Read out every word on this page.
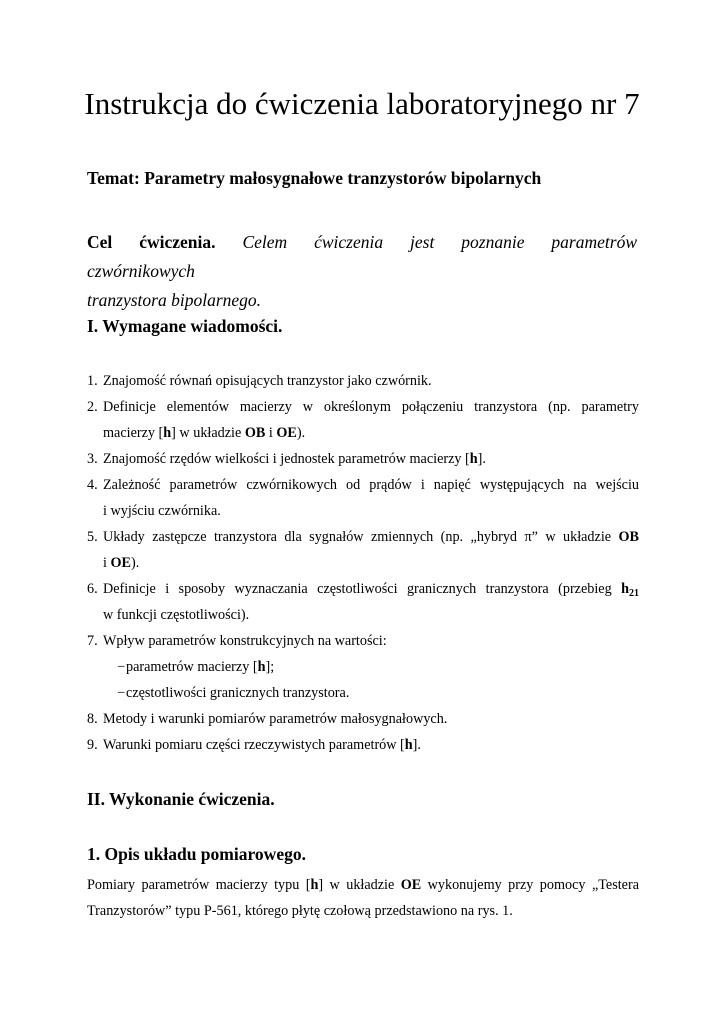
Instrukcja do ćwiczenia laboratoryjnego nr 7

Temat: Parametry małosygnałowe tranzystorów bipolarnych

Cel ćwiczenia. Celem ćwiczenia jest poznanie parametrów czwórnikowych
tranzystora bipolarnego.

I. Wymagane wiadomości.
1. Znajomość równań opisujących tranzystor jako czwórnik.
2. Definicje elementów macierzy w określonym połączeniu tranzystora (np. parametry
macierzy [h] w układzie OB i OE).
3. Znajomość rzędów wielkości i jednostek parametrów macierzy [h].
4. Zależność parametrów czwórnikowych od prądów i napięć występujących na wejściu
i wyjściu czwórnika.
5. Układy zastępcze tranzystora dla sygnałów zmiennych (np. „hybryd π” w układzie OB
i OE).
6. Definicje i sposoby wyznaczania częstotliwości granicznych tranzystora (przebieg $h_{21}$
w funkcji częstotliwości).
7. Wpływ parametrów konstrukcyjnych na wartości:
−parametrów macierzy [h];
−częstotliwości granicznych tranzystora.
8. Metody i warunki pomiarów parametrów małosygnałowych.
9. Warunki pomiaru części rzeczywistych parametrów [h].
II. Wykonanie ćwiczenia.
1. Opis układu pomiarowego.

Pomiary parametrów macierzy typu [h] w układzie OE wykonujemy przy pomocy „Testera
Tranzystorów” typu P-561, którego płytę czołową przedstawiono na rys. 1.
